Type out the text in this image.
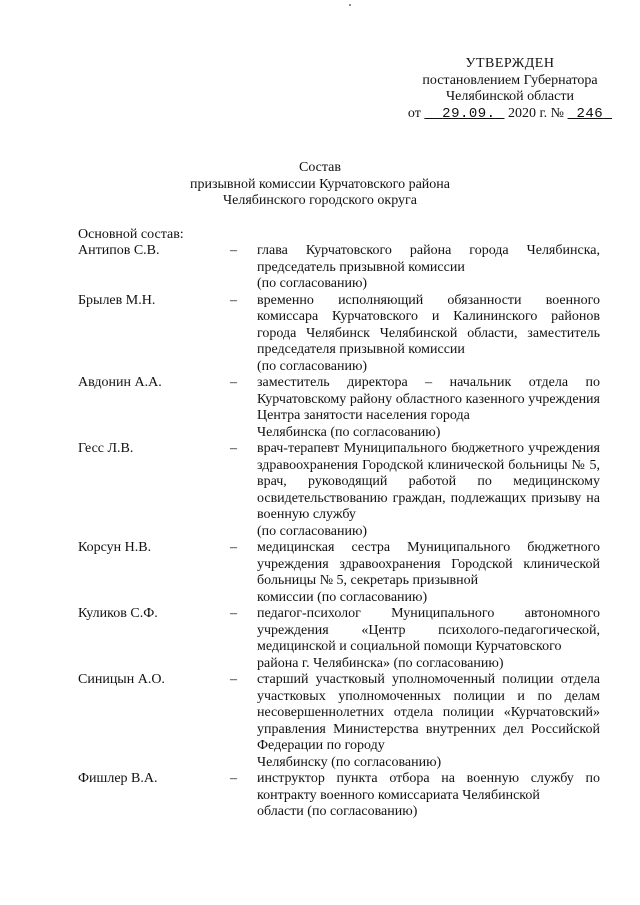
УТВЕРЖДЕН
постановлением Губернатора
Челябинской области
от 29.09. 2020 г. № 246
Состав
призывной комиссии Курчатовского района
Челябинского городского округа
Основной состав:
Антипов С.В.	–	глава Курчатовского района города Челябинска, председатель призывной комиссии
(по согласованию)
Брылев М.Н.	–	временно исполняющий обязанности военного комиссара Курчатовского и Калининского районов города Челябинск Челябинской области, заместитель председателя призывной комиссии
(по согласованию)
Авдонин А.А.	–	заместитель директора – начальник отдела по Курчатовскому району областного казенного учреждения Центра занятости населения города
Челябинска (по согласованию)
Гесс Л.В.	–	врач-терапевт Муниципального бюджетного учреждения здравоохранения Городской клинической больницы № 5, врач, руководящий работой по медицинскому освидетельствованию граждан, подлежащих призыву на военную службу
(по согласованию)
Корсун Н.В.	–	медицинская сестра Муниципального бюджетного учреждения здравоохранения Городской клинической больницы № 5, секретарь призывной
комиссии (по согласованию)
Куликов С.Ф.	–	педагог-психолог Муниципального автономного учреждения «Центр психолого-педагогической, медицинской и социальной помощи Курчатовского
района г. Челябинска» (по согласованию)
Синицын А.О.	–	старший участковый уполномоченный полиции отдела участковых уполномоченных полиции и по делам несовершеннолетних отдела полиции «Курчатовский» управления Министерства внутренних дел Российской Федерации по городу
Челябинску (по согласованию)
Фишлер В.А.	–	инструктор пункта отбора на военную службу по контракту военного комиссариата Челябинской
области (по согласованию)
